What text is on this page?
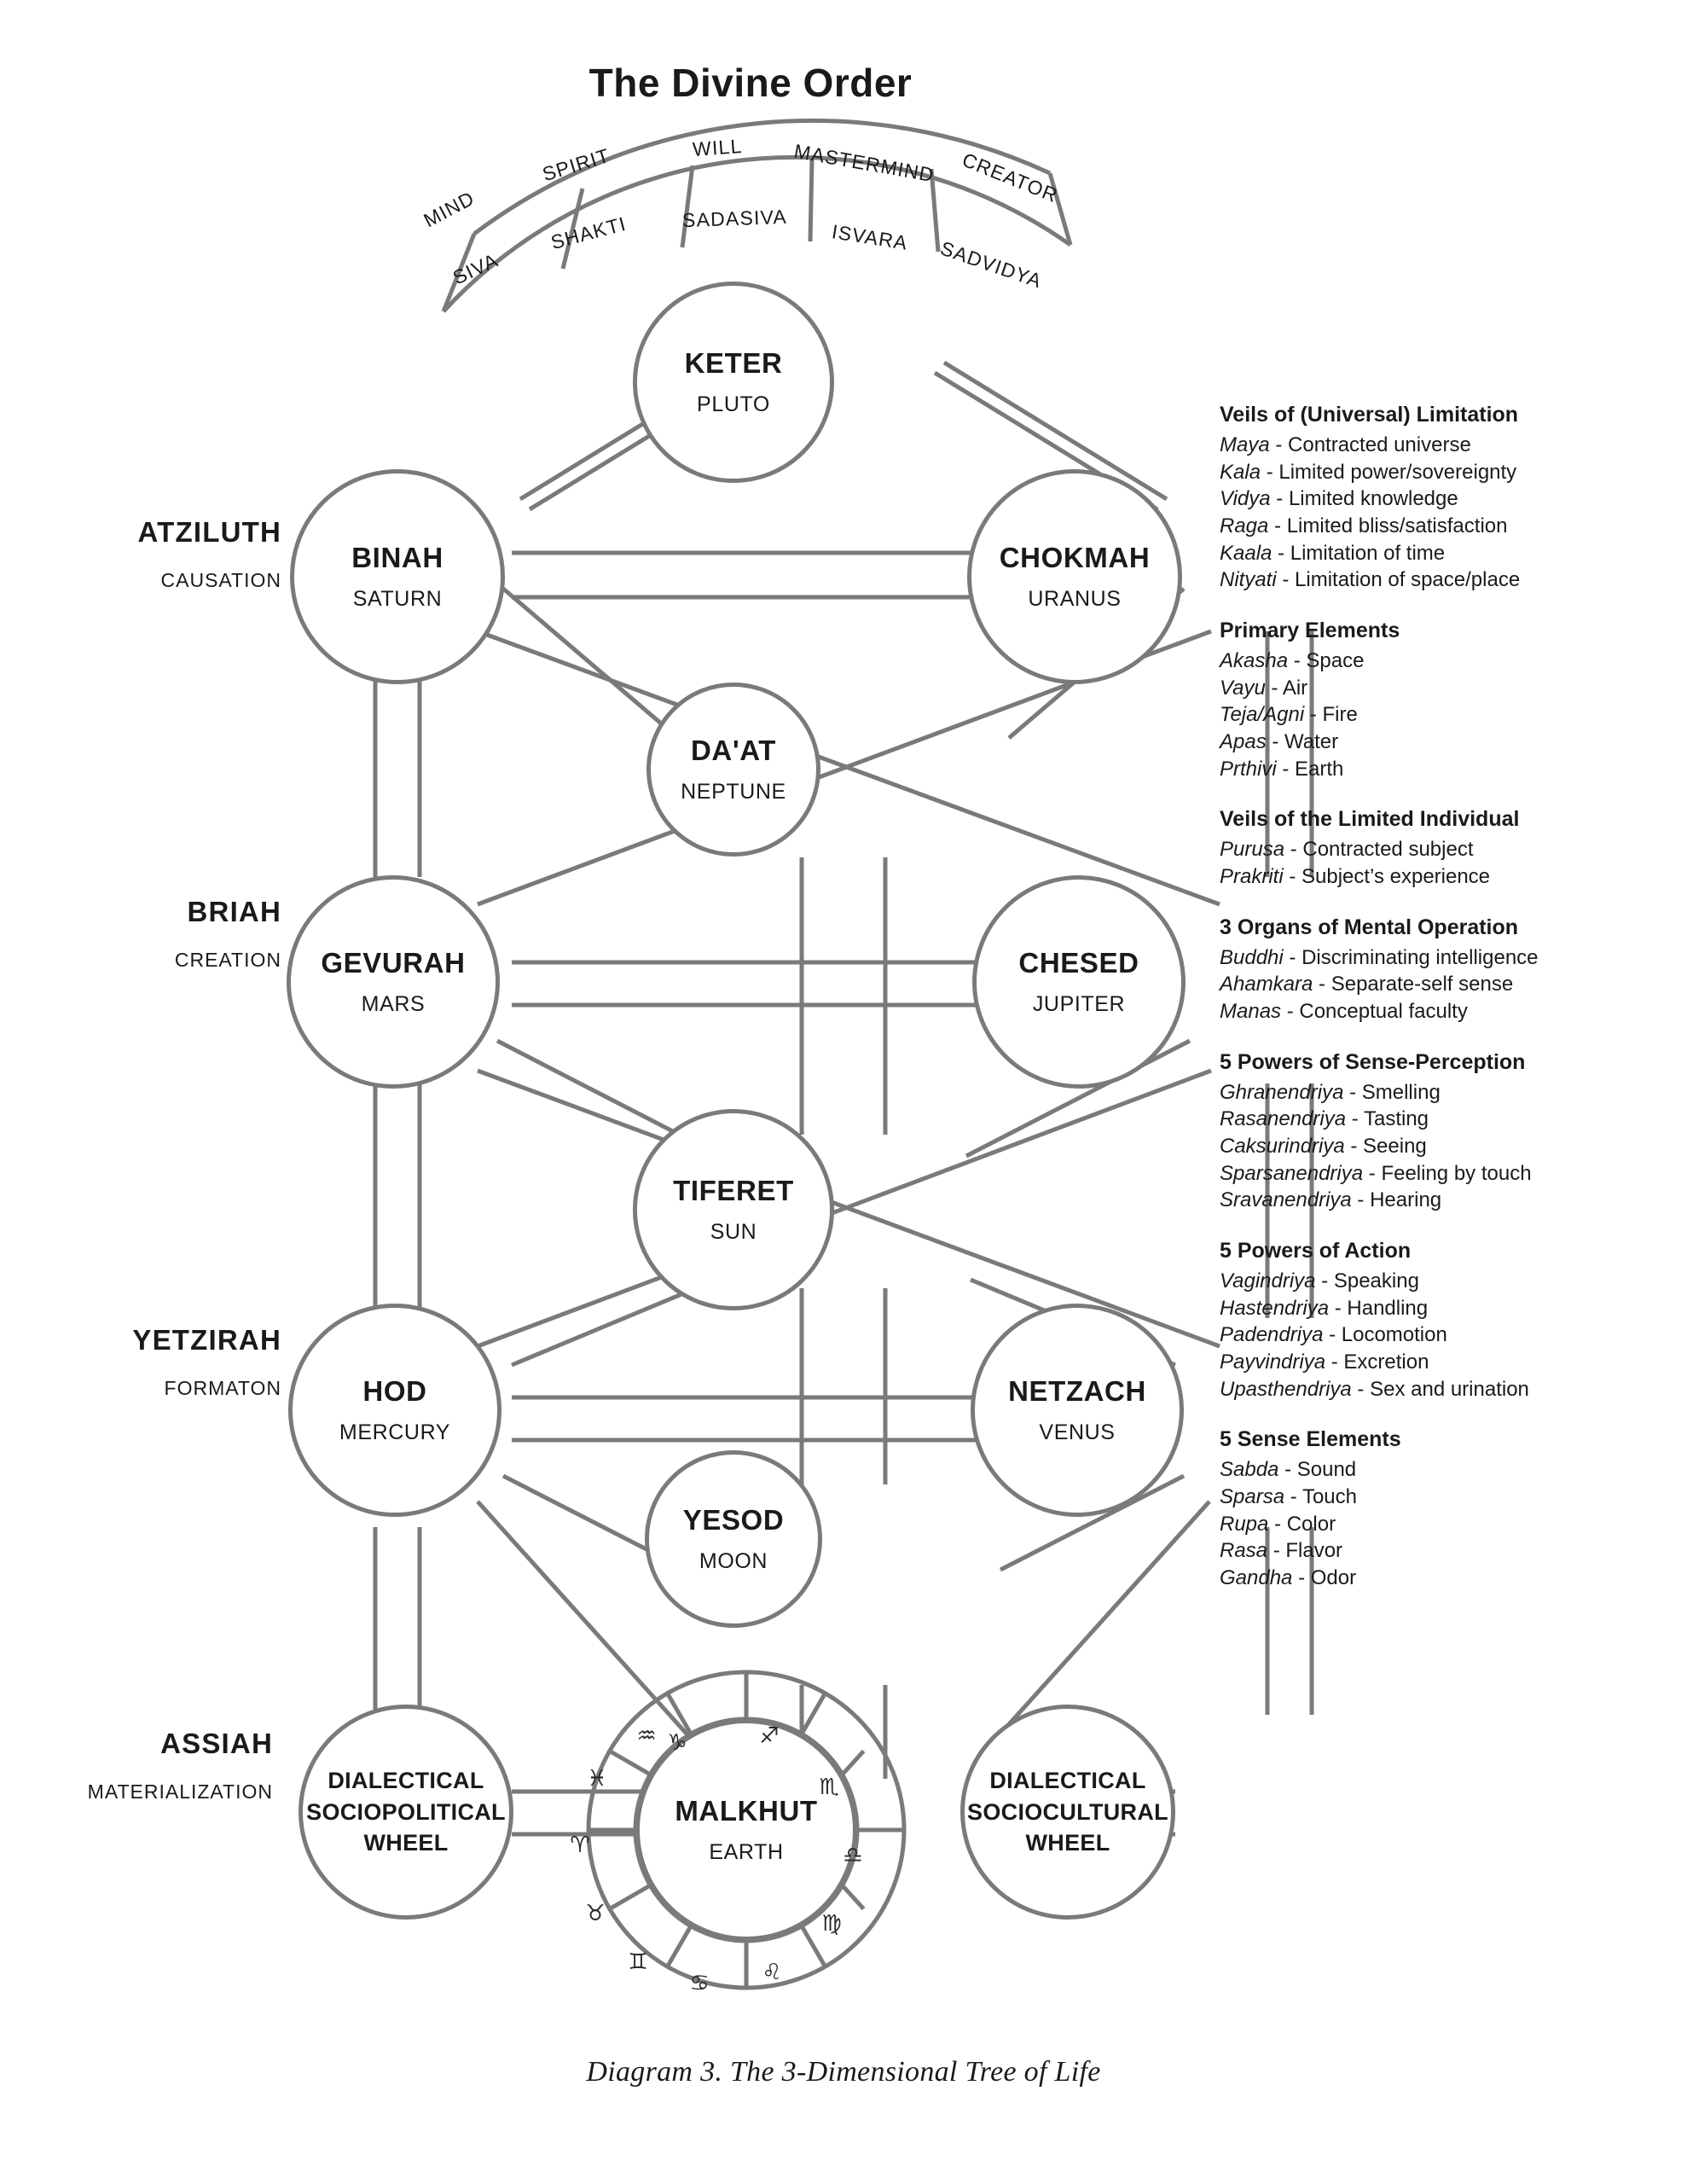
The Divine Order
SIVA
SHAKTI	SADASIVA
ISVARA SADVIDYA
MIND
SPIRIT	WILL	MASTERMIND CREATOR
KETER
PLUTO
BINAH
SATURN
CHOKMAH
URANUS
DA'AT
NEPTUNE
GEVURAH
MARS
CHESED
JUPITER
TIFERET
SUN
HOD
MERCURY
NETZACH
VENUS
YESOD
MOON
MALKHUT
EARTH
DIALECTICAL SOCIOPOLITICAL WHEEL
DIALECTICAL SOCIOCULTURAL WHEEL
♑	♐
♏
♎
♍
♌
♋
♊
♉
♈
♓
♒
ATZILUTH
CAUSATION
BRIAH
CREATION
YETZIRAH
FORMATON
ASSIAH
MATERIALIZATION
Veils of (Universal) Limitation
Maya - Contracted universe
Kala - Limited power/sovereignty
Vidya - Limited knowledge
Raga - Limited bliss/satisfaction
Kaala - Limitation of time
Nityati - Limitation of space/place
Primary Elements
Akasha - Space
Vayu - Air
Teja/Agni - Fire
Apas - Water
Prthivi - Earth
Veils of the Limited Individual
Purusa - Contracted subject
Prakriti - Subject’s experience
3 Organs of Mental Operation
Buddhi - Discriminating intelligence
Ahamkara - Separate-self sense
Manas - Conceptual faculty
5 Powers of Sense-Perception
Ghranendriya - Smelling
Rasanendriya - Tasting
Caksurindriya - Seeing
Sparsanendriya - Feeling by touch
Sravanendriya - Hearing
5 Powers of Action
Vagindriya - Speaking
Hastendriya - Handling
Padendriya - Locomotion
Payvindriya - Excretion
Upasthendriya - Sex and urination
5 Sense Elements
Sabda - Sound
Sparsa - Touch
Rupa - Color
Rasa - Flavor
Gandha - Odor
Diagram 3. The 3-Dimensional Tree of Life
